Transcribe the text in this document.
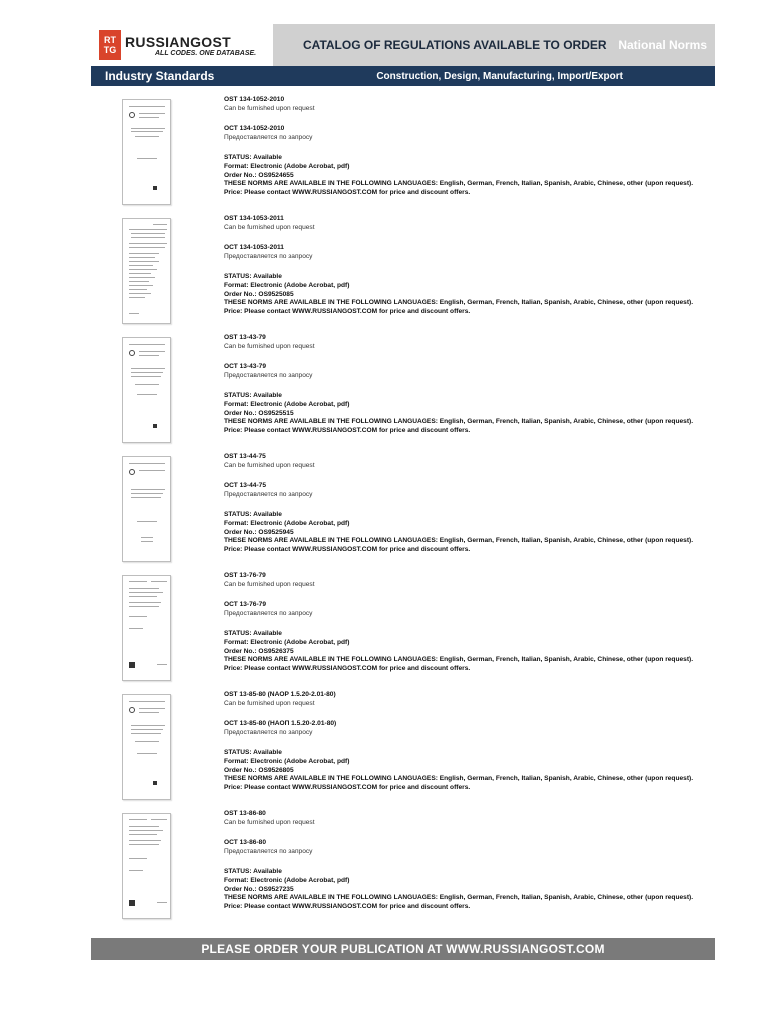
RT
TG
RUSSIANGOST
ALL CODES. ONE DATABASE.
CATALOG OF REGULATIONS AVAILABLE TO ORDER National Norms
Industry Standards	Construction, Design, Manufacturing, Import/Export
OST 134-1052-2010
Can be furnished upon request
ОСТ 134-1052-2010
Предоставляется по запросу
STATUS: Available
Format: Electronic (Adobe Acrobat, pdf)
Order No.: OS9524655
THESE NORMS ARE AVAILABLE IN THE FOLLOWING LANGUAGES: English, German, French, Italian, Spanish, Arabic, Chinese, other (upon request).
Price: Please contact WWW.RUSSIANGOST.COM for price and discount offers.
OST 134-1053-2011
Can be furnished upon request
ОСТ 134-1053-2011
Предоставляется по запросу
STATUS: Available
Format: Electronic (Adobe Acrobat, pdf)
Order No.: OS9525085
THESE NORMS ARE AVAILABLE IN THE FOLLOWING LANGUAGES: English, German, French, Italian, Spanish, Arabic, Chinese, other (upon request).
Price: Please contact WWW.RUSSIANGOST.COM for price and discount offers.
OST 13-43-79
Can be furnished upon request
ОСТ 13-43-79
Предоставляется по запросу
STATUS: Available
Format: Electronic (Adobe Acrobat, pdf)
Order No.: OS9525515
THESE NORMS ARE AVAILABLE IN THE FOLLOWING LANGUAGES: English, German, French, Italian, Spanish, Arabic, Chinese, other (upon request).
Price: Please contact WWW.RUSSIANGOST.COM for price and discount offers.
OST 13-44-75
Can be furnished upon request
ОСТ 13-44-75
Предоставляется по запросу
STATUS: Available
Format: Electronic (Adobe Acrobat, pdf)
Order No.: OS9525945
THESE NORMS ARE AVAILABLE IN THE FOLLOWING LANGUAGES: English, German, French, Italian, Spanish, Arabic, Chinese, other (upon request).
Price: Please contact WWW.RUSSIANGOST.COM for price and discount offers.
OST 13-76-79
Can be furnished upon request
ОСТ 13-76-79
Предоставляется по запросу
STATUS: Available
Format: Electronic (Adobe Acrobat, pdf)
Order No.: OS9526375
THESE NORMS ARE AVAILABLE IN THE FOLLOWING LANGUAGES: English, German, French, Italian, Spanish, Arabic, Chinese, other (upon request).
Price: Please contact WWW.RUSSIANGOST.COM for price and discount offers.
OST 13-85-80 (NAOP 1.5.20-2.01-80)
Can be furnished upon request
ОСТ 13-85-80 (НАОП 1.5.20-2.01-80)
Предоставляется по запросу
STATUS: Available
Format: Electronic (Adobe Acrobat, pdf)
Order No.: OS9526805
THESE NORMS ARE AVAILABLE IN THE FOLLOWING LANGUAGES: English, German, French, Italian, Spanish, Arabic, Chinese, other (upon request).
Price: Please contact WWW.RUSSIANGOST.COM for price and discount offers.
OST 13-86-80
Can be furnished upon request
ОСТ 13-86-80
Предоставляется по запросу
STATUS: Available
Format: Electronic (Adobe Acrobat, pdf)
Order No.: OS9527235
THESE NORMS ARE AVAILABLE IN THE FOLLOWING LANGUAGES: English, German, French, Italian, Spanish, Arabic, Chinese, other (upon request).
Price: Please contact WWW.RUSSIANGOST.COM for price and discount offers.
PLEASE ORDER YOUR PUBLICATION AT WWW.RUSSIANGOST.COM
